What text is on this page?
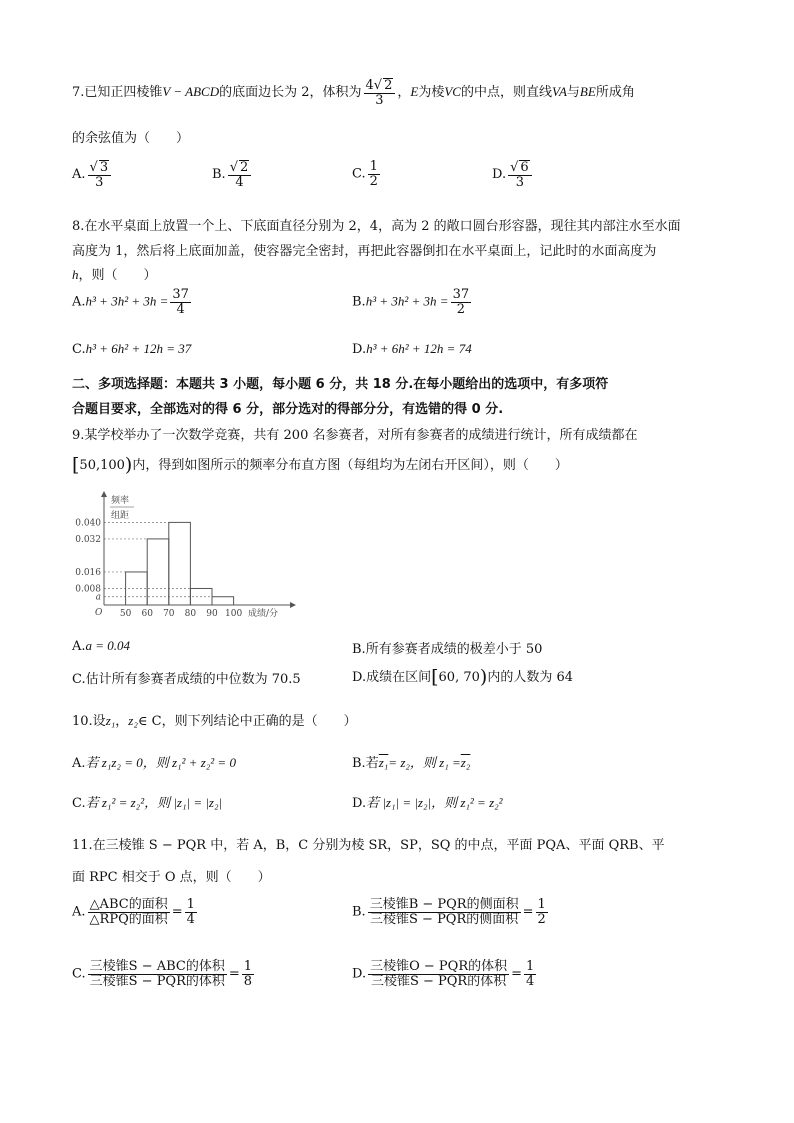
7.已知正四棱锥V − ABCD的底面边长为 2，体积为 $\frac{4√ 2}{3}$ ，E为棱VC的中点，则直线VA与BE所成角
的余弦值为（　　）
A. $\frac{√ 3}{3}$	B. $\frac{√ 2}{4}$	C. $\frac{1}{2}$	D. $\frac{√ 6}{3}$
8.在水平桌面上放置一个上、下底面直径分别为 2，4，高为 2 的敞口圆台形容器，现往其内部注水至水面
高度为 1，然后将上底面加盖，使容器完全密封，再把此容器倒扣在水平桌面上，记此时的水面高度为
h，则（　　）
$A.h^3 + 3h^2 + 3h = \frac{37}{4}$	$B.h^3 + 3h^2 + 3h = \frac{37}{2}$
C.h³ + 6h² + 12h = 37	D.h³ + 6h² + 12h = 74
二、多项选择题：本题共 3 小题，每小题 6 分，共 18 分.在每小题给出的选项中，有多项符
合题目要求，全部选对的得 6 分，部分选对的得部分分，有选错的得 0 分.
9.某学校举办了一次数学竞赛，共有 200 名参赛者，对所有参赛者的成绩进行统计，所有成绩都在
[50,100)内，得到如图所示的频率分布直方图（每组均为左闭右开区间），则（　　）
频率
组距
O	成绩/分
50 60 70 80 90 100
0.040
0.032
0.016
0.008
a
A.a = 0.04	B.所有参赛者成绩的极差小于 50
C.估计所有参赛者成绩的中位数为 70.5	D.成绩在区间[60, 70)内的人数为 64
10.设z₁，z₂∈ C，则下列结论中正确的是（　　）
A.若 z₁z₂ = 0，则 z₁² + z₂² = 0	B.若z₁= z₂，则 z₁ =z₂
C.若 z₁² = z₂²，则 |z₁| = |z₂|	D.若 |z₁| = |z₂|，则 z₁² = z₂²
11.在三棱锥 S − PQR 中，若 A，B，C 分别为棱 SR，SP，SQ 的中点，平面 PQA、平面 QRB、平
面 RPC 相交于 O 点，则（　　）
A. $\frac{\text{△ABC的面积}}{\text{△RPQ的面积}} = \frac{1}{4}$	B. $\frac{\text{三棱锥B − PQR的侧面积}}{\text{三棱锥S − PQR的侧面积}} = \frac{1}{2}$
C. $\frac{\text{三棱锥S − ABC的体积}}{\text{三棱锥S − PQR的体积}} = \frac{1}{8}$	D. $\frac{\text{三棱锥O − PQR的体积}}{\text{三棱锥S − PQR的体积}} = \frac{1}{4}$
